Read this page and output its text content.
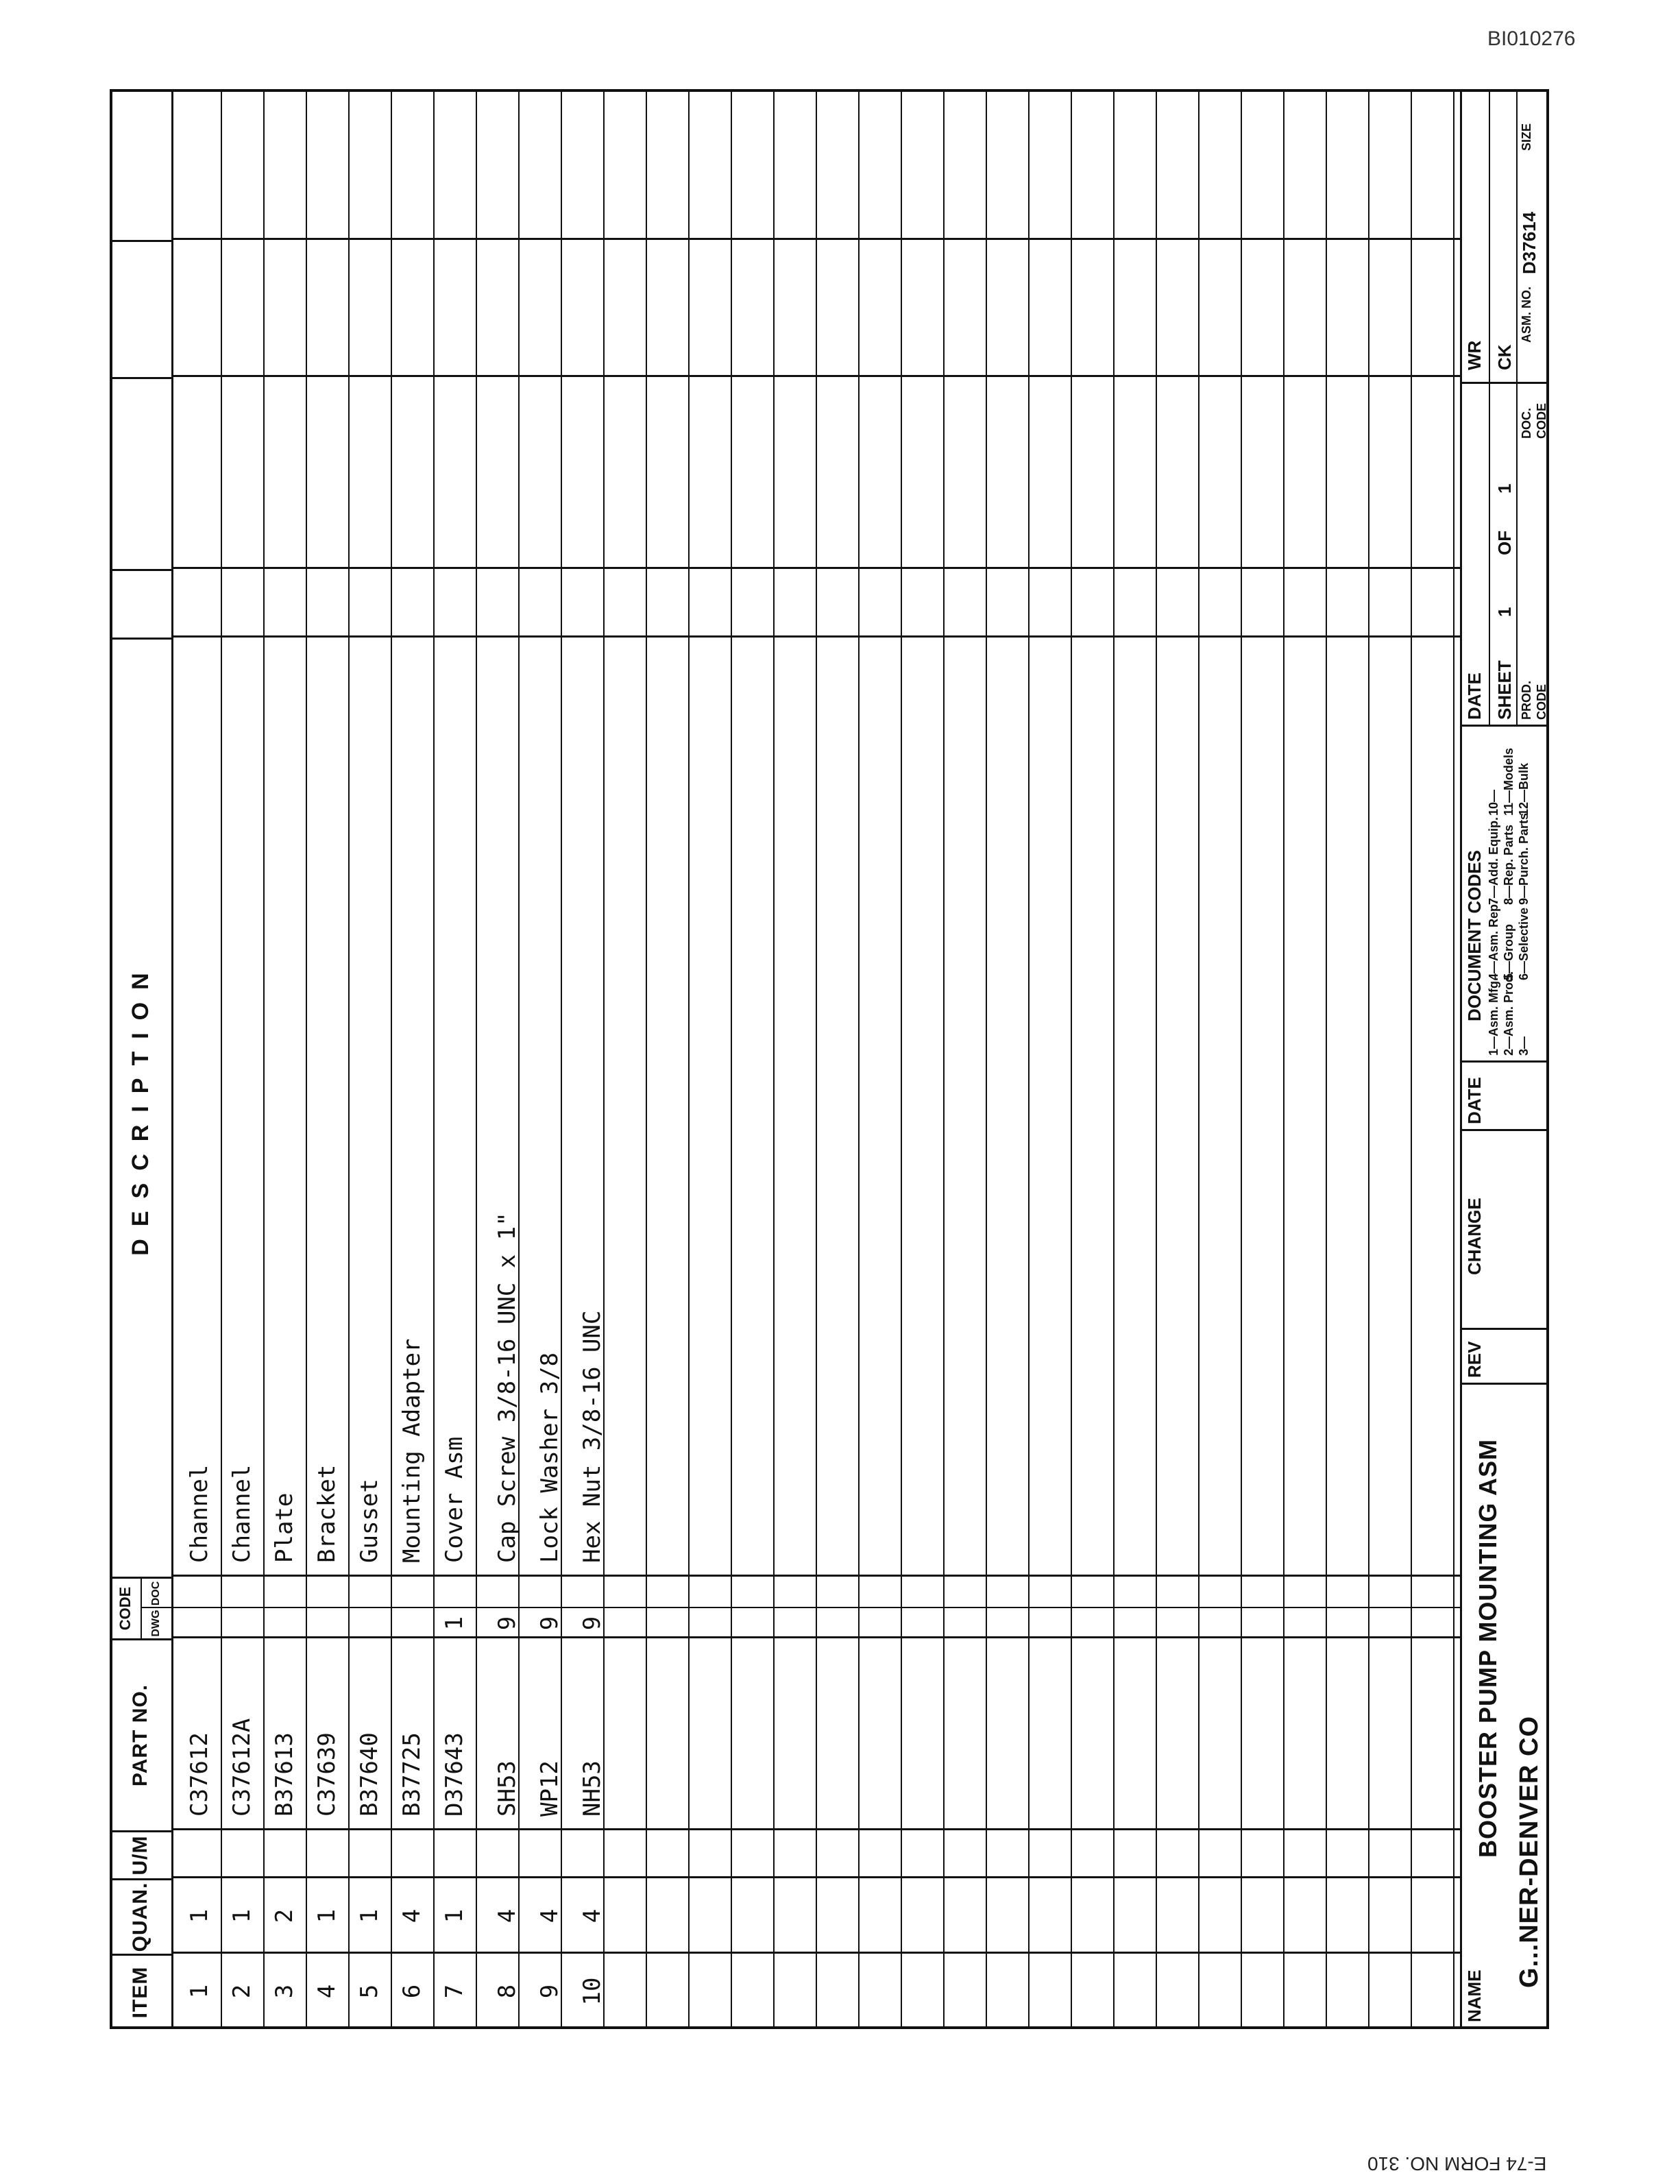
BI010276
ITEM
QUAN.
U/M
PART NO.
CODE	DWG
DOC
DESCRIPTION
1
1
C37612
Channel
2
1
C37612A
Channel
3
2
B37613
Plate
4
1
C37639
Bracket
5
1
B37640
Gusset
6
4
B37725
Mounting Adapter
7
1
D37643
1
Cover Asm
8
4
SH53
9
Cap Screw 3/8-16 UNC x 1"
9
4
WP12
9
Lock Washer 3/8
10
4
NH53
9
Hex Nut 3/8-16 UNC
NAME
BOOSTER PUMP MOUNTING ASM G...NER-DENVER CO
REV
CHANGE
DATE
DOCUMENT CODES 1—Asm. Mfg. 2—Asm. Prod. 3—
4—Asm. Rep. 5—Group 6—Selective
7—Add. Equip. 8—Rep. Parts 9—Purch. Parts
10— 11—Models 12—Bulk
DATE SHEET
1
OF
1
PROD. CODE
DOC. CODE
WR CK
ASM. NO.
D37614
SIZE
E-74 FORM NO. 310
